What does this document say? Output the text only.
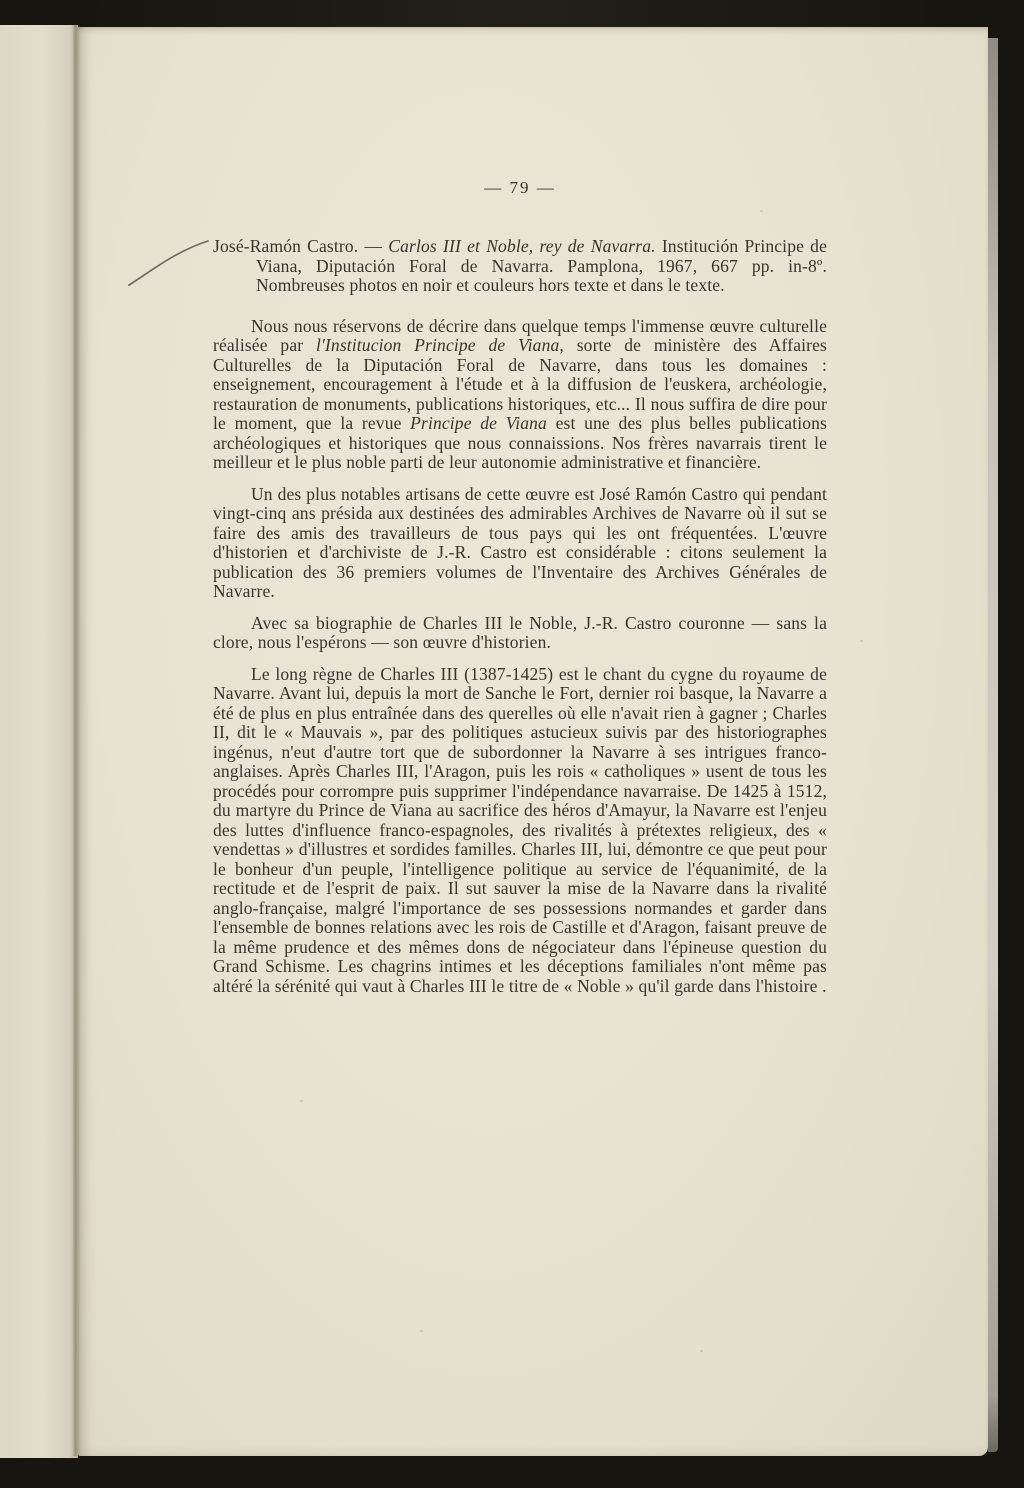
— 79 —

José-Ramón Castro. — Carlos III et Noble, rey de Navarra. Institución Principe de Viana, Diputación Foral de Navarra. Pamplona, 1967, 667 pp. in-8º. Nombreuses photos en noir et couleurs hors texte et dans le texte.

Nous nous réservons de décrire dans quelque temps l'immense œuvre culturelle réalisée par l'Institucion Principe de Viana, sorte de ministère des Affaires Culturelles de la Diputación Foral de Navarre, dans tous les domaines : enseignement, encouragement à l'étude et à la diffusion de l'euskera, archéologie, restauration de monuments, publications historiques, etc... Il nous suffira de dire pour le moment, que la revue Principe de Viana est une des plus belles publications archéologiques et historiques que nous connaissions. Nos frères navarrais tirent le meilleur et le plus noble parti de leur autonomie administrative et financière.

Un des plus notables artisans de cette œuvre est José Ramón Castro qui pendant vingt-cinq ans présida aux destinées des admirables Archives de Navarre où il sut se faire des amis des travailleurs de tous pays qui les ont fréquentées. L'œuvre d'historien et d'archiviste de J.-R. Castro est considérable : citons seulement la publication des 36 premiers volumes de l'Inventaire des Archives Générales de Navarre.

Avec sa biographie de Charles III le Noble, J.-R. Castro couronne — sans la clore, nous l'espérons — son œuvre d'historien.

Le long règne de Charles III (1387-1425) est le chant du cygne du royaume de Navarre. Avant lui, depuis la mort de Sanche le Fort, dernier roi basque, la Navarre a été de plus en plus entraînée dans des querelles où elle n'avait rien à gagner ; Charles II, dit le « Mauvais », par des politiques astucieux suivis par des historiographes ingénus, n'eut d'autre tort que de subordonner la Navarre à ses intrigues franco-anglaises. Après Charles III, l'Aragon, puis les rois « catholiques » usent de tous les procédés pour corrompre puis supprimer l'indépendance navarraise. De 1425 à 1512, du martyre du Prince de Viana au sacrifice des héros d'Amayur, la Navarre est l'enjeu des luttes d'influence franco-espagnoles, des rivalités à prétextes religieux, des « vendettas » d'illustres et sordides familles. Charles III, lui, démontre ce que peut pour le bonheur d'un peuple, l'intelligence politique au service de l'équanimité, de la rectitude et de l'esprit de paix. Il sut sauver la mise de la Navarre dans la rivalité anglo-française, malgré l'importance de ses possessions normandes et garder dans l'ensemble de bonnes relations avec les rois de Castille et d'Aragon, faisant preuve de la même prudence et des mêmes dons de négociateur dans l'épineuse question du Grand Schisme. Les chagrins intimes et les déceptions familiales n'ont même pas altéré la sérénité qui vaut à Charles III le titre de « Noble » qu'il garde dans l'histoire .
